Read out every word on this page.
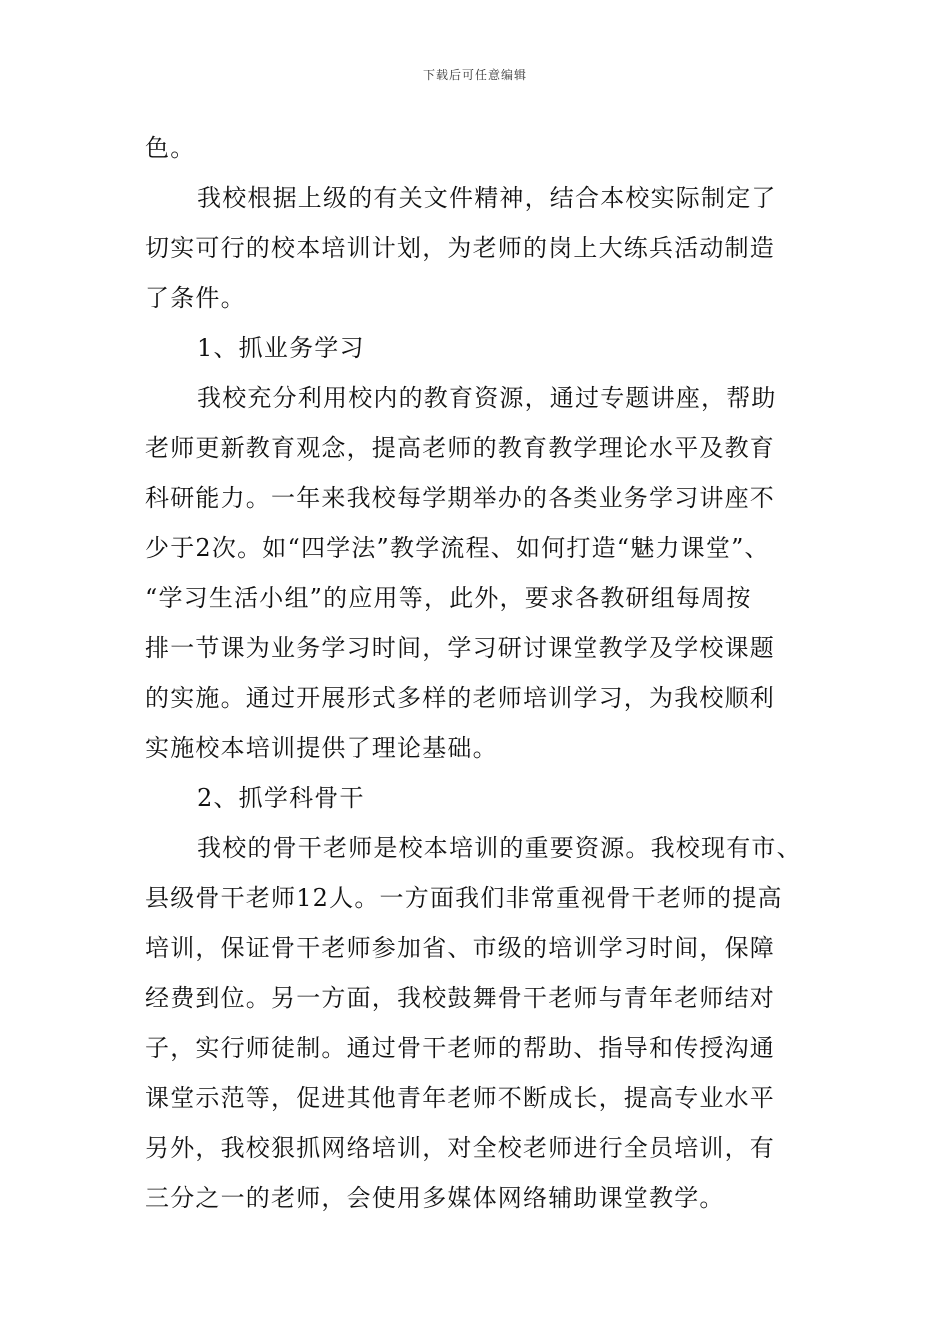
下载后可任意编辑
色。
我校根据上级的有关文件精神，结合本校实际制定了
切实可行的校本培训计划，为老师的岗上大练兵活动制造
了条件。
1、抓业务学习
我校充分利用校内的教育资源，通过专题讲座，帮助
老师更新教育观念，提高老师的教育教学理论水平及教育
科研能力。一年来我校每学期举办的各类业务学习讲座不
少于2次。如“四学法”教学流程、如何打造“魅力课堂”、
“学习生活小组”的应用等，此外，要求各教研组每周按
排一节课为业务学习时间，学习研讨课堂教学及学校课题
的实施。通过开展形式多样的老师培训学习，为我校顺利
实施校本培训提供了理论基础。
2、抓学科骨干
我校的骨干老师是校本培训的重要资源。我校现有市、
县级骨干老师12人。一方面我们非常重视骨干老师的提高
培训，保证骨干老师参加省、市级的培训学习时间，保障
经费到位。另一方面，我校鼓舞骨干老师与青年老师结对
子，实行师徒制。通过骨干老师的帮助、指导和传授沟通
课堂示范等，促进其他青年老师不断成长，提高专业水平
另外，我校狠抓网络培训，对全校老师进行全员培训，有
三分之一的老师，会使用多媒体网络辅助课堂教学。
